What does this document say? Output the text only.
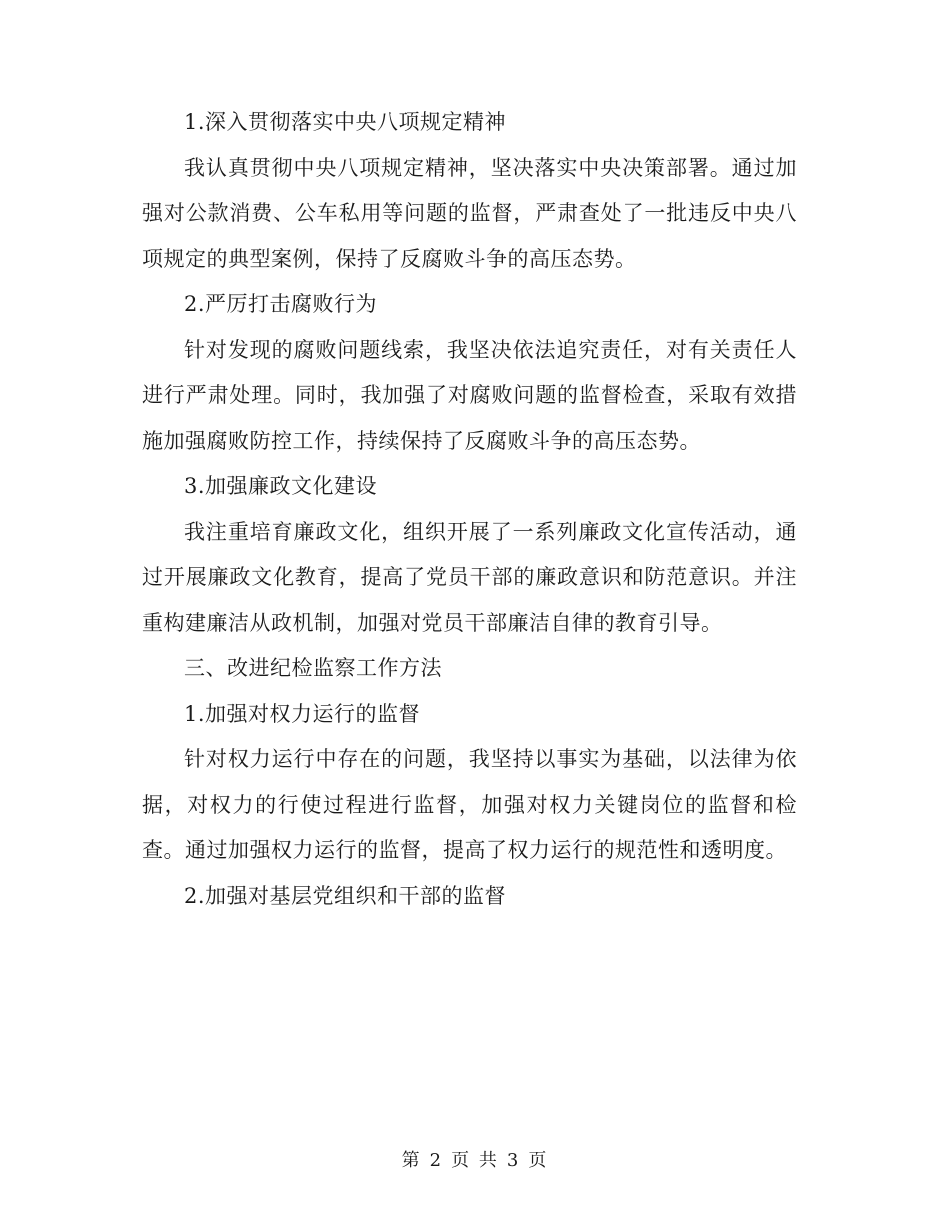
1.深入贯彻落实中央八项规定精神

我认真贯彻中央八项规定精神，坚决落实中央决策部署。通过加强对公款消费、公车私用等问题的监督，严肃查处了一批违反中央八项规定的典型案例，保持了反腐败斗争的高压态势。

2.严厉打击腐败行为

针对发现的腐败问题线索，我坚决依法追究责任，对有关责任人进行严肃处理。同时，我加强了对腐败问题的监督检查，采取有效措施加强腐败防控工作，持续保持了反腐败斗争的高压态势。

3.加强廉政文化建设

我注重培育廉政文化，组织开展了一系列廉政文化宣传活动，通过开展廉政文化教育，提高了党员干部的廉政意识和防范意识。并注重构建廉洁从政机制，加强对党员干部廉洁自律的教育引导。

三、改进纪检监察工作方法

1.加强对权力运行的监督

针对权力运行中存在的问题，我坚持以事实为基础，以法律为依据，对权力的行使过程进行监督，加强对权力关键岗位的监督和检查。通过加强权力运行的监督，提高了权力运行的规范性和透明度。

2.加强对基层党组织和干部的监督

第 2 页 共 3 页
